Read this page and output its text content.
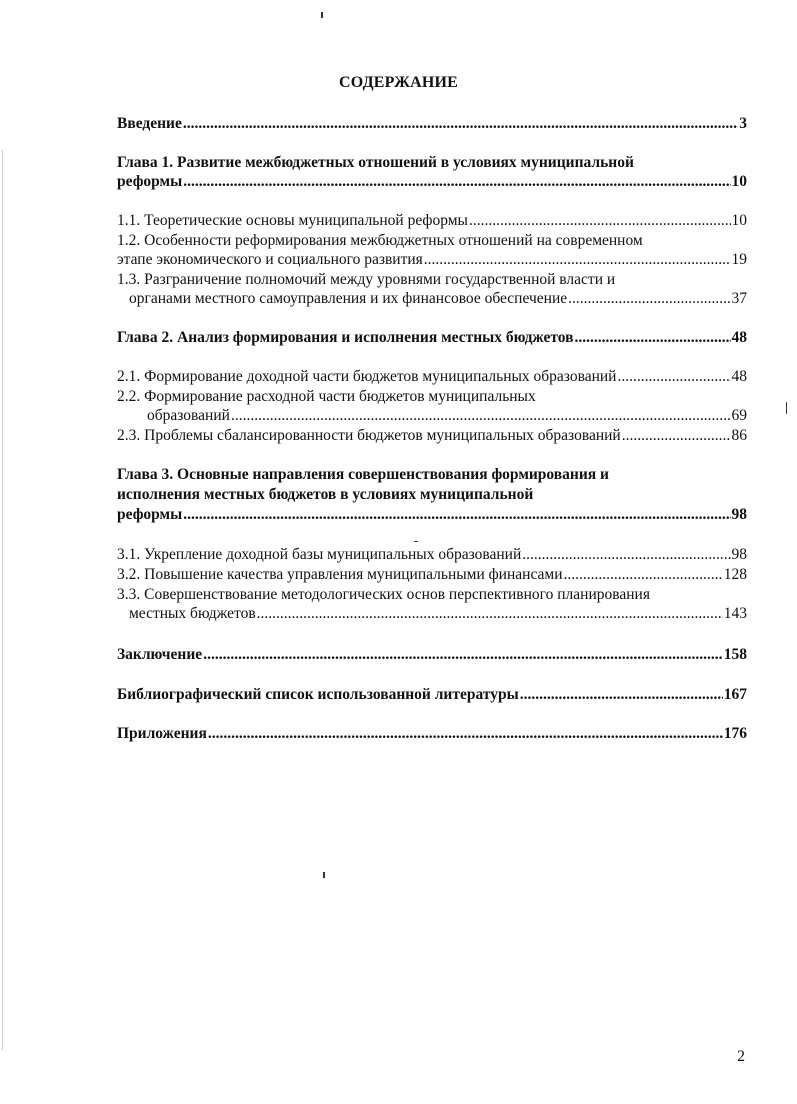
СОДЕРЖАНИЕ
Введение .....	3
Глава 1. Развитие межбюджетных отношений в условиях муниципальной
реформы .....	10
1.1. Теоретические основы муниципальной реформы .....	10
1.2. Особенности реформирования межбюджетных отношений на современном
этапе экономического и социального развития .....	19
1.3. Разграничение полномочий между уровнями государственной власти и
органами местного самоуправления и их финансовое обеспечение .....	37
Глава 2. Анализ формирования и исполнения местных бюджетов .....	48
2.1. Формирование доходной части бюджетов муниципальных образований .....	48
2.2. Формирование расходной части бюджетов муниципальных
образований .....	69
2.3. Проблемы сбалансированности бюджетов муниципальных образований .....	86
Глава 3. Основные направления совершенствования формирования и
исполнения местных бюджетов в условиях муниципальной
реформы .....	98
3.1. Укрепление доходной базы муниципальных образований .....	98
3.2. Повышение качества управления муниципальными финансами .....	128
3.3. Совершенствование методологических основ перспективного планирования
местных бюджетов .....	143
Заключение .....	158
Библиографический список использованной литературы .....	167
Приложения .....	176
2
